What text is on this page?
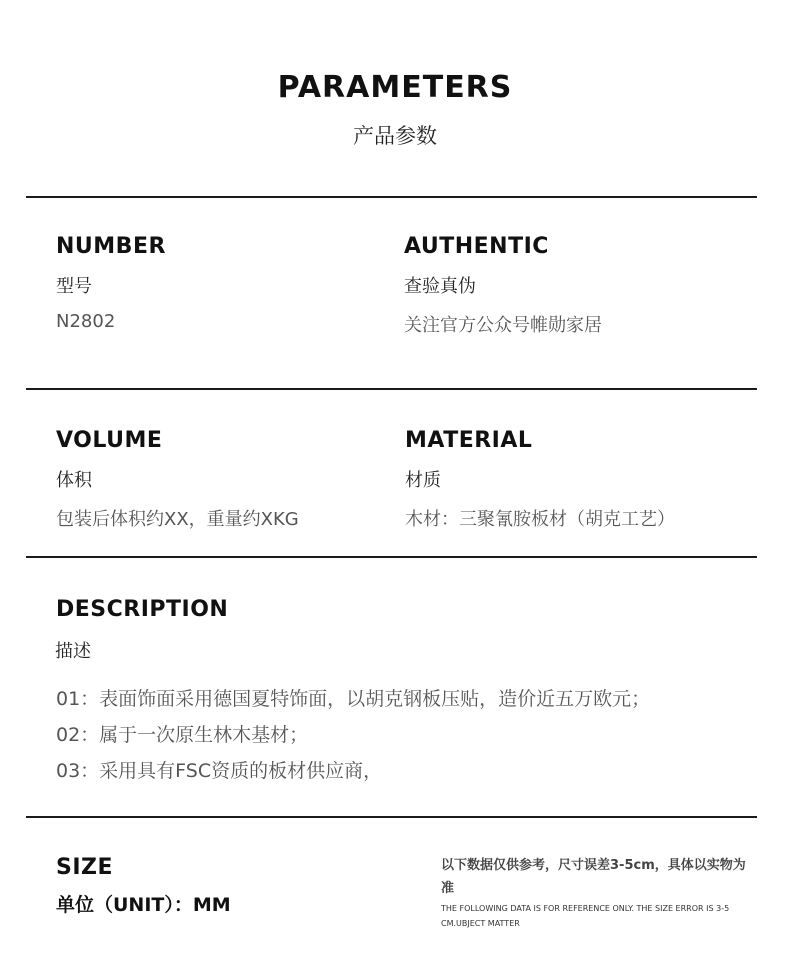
PARAMETERS
产品参数
NUMBER
型号
N2802
AUTHENTIC
查验真伪
关注官方公众号帷勋家居
VOLUME
体积
包装后体积约XX，重量约XKG
MATERIAL
材质
木材：三聚氰胺板材（胡克工艺）
DESCRIPTION
描述
01：表面饰面采用德国夏特饰面，以胡克钢板压贴，造价近五万欧元；
02：属于一次原生林木基材；
03：采用具有FSC资质的板材供应商，
SIZE
单位（UNIT）：MM
以下数据仅供参考，尺寸误差3-5cm，具体以实物为准
THE FOLLOWING DATA IS FOR REFERENCE ONLY. THE SIZE ERROR IS 3-5 CM.UBJECT MATTER
